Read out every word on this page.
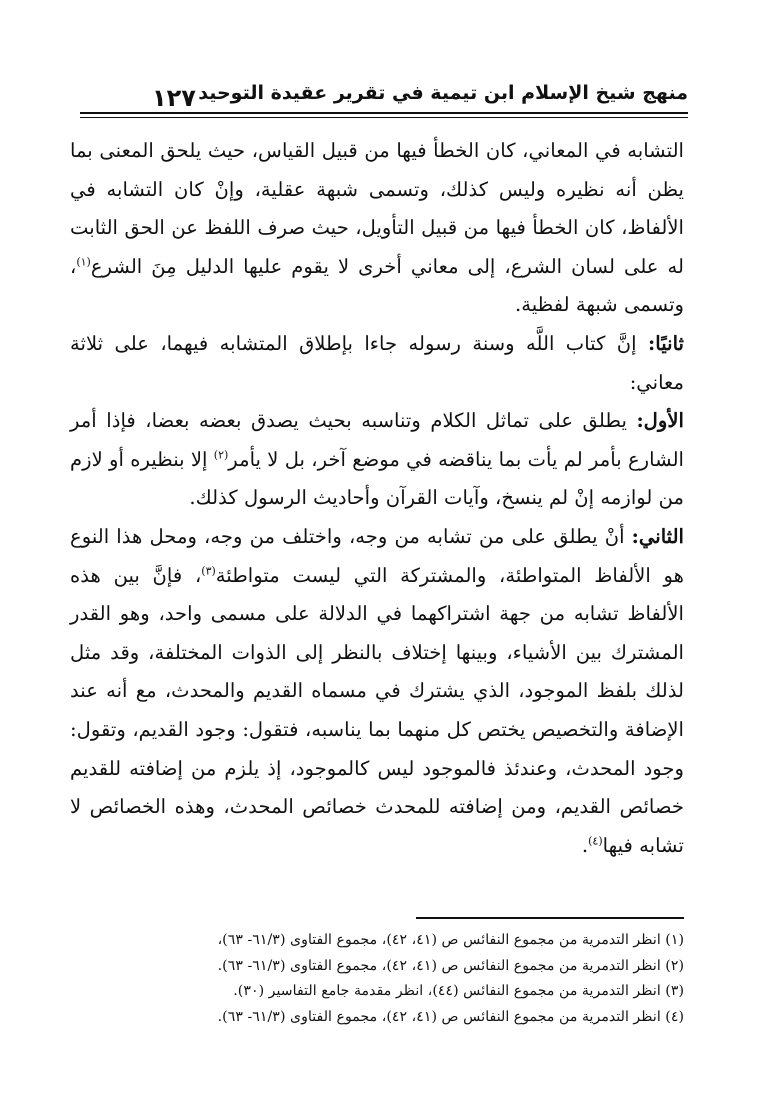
منهج شيخ الإسلام ابن تيمية في تقرير عقيدة التوحيد
١٢٧

التشابه في المعاني، كان الخطأ فيها من قبيل القياس، حيث يلحق المعنى بما يظن أنه نظيره وليس كذلك، وتسمى شبهة عقلية، وإنْ كان التشابه في الألفاظ، كان الخطأ فيها من قبيل التأويل، حيث صرف اللفظ عن الحق الثابت له على لسان الشرع، إلى معاني أخرى لا يقوم عليها الدليل مِنَ الشرع$^{(١)}$، وتسمى شبهة لفظية.

ثانيًا: إنَّ كتاب اللَّه وسنة رسوله جاءا بإطلاق المتشابه فيهما، على ثلاثة معاني:

الأول: يطلق على تماثل الكلام وتناسبه بحيث يصدق بعضه بعضا، فإذا أمر الشارع بأمر لم يأت بما يناقضه في موضع آخر، بل لا يأمر$^{(٢)}$ إلا بنظيره أو لازم من لوازمه إنْ لم ينسخ، وآيات القرآن وأحاديث الرسول كذلك.

الثاني: أنْ يطلق على من تشابه من وجه، واختلف من وجه، ومحل هذا النوع هو الألفاظ المتواطئة، والمشتركة التي ليست متواطئة$^{(٣)}$، فإنَّ بين هذه الألفاظ تشابه من جهة اشتراكهما في الدلالة على مسمى واحد، وهو القدر المشترك بين الأشياء، وبينها إختلاف بالنظر إلى الذوات المختلفة، وقد مثل لذلك بلفظ الموجود، الذي يشترك في مسماه القديم والمحدث، مع أنه عند الإضافة والتخصيص يختص كل منهما بما يناسبه، فتقول: وجود القديم، وتقول: وجود المحدث، وعندئذ فالموجود ليس كالموجود، إذ يلزم من إضافته للقديم خصائص القديم، ومن إضافته للمحدث خصائص المحدث، وهذه الخصائص لا تشابه فيها$^{(٤)}$.

(١) انظر التدمرية من مجموع النفائس ص (٤١، ٤٢)، مجموع الفتاوى (٦١/٣- ٦٣)،

(٢) انظر التدمرية من مجموع النفائس ص (٤١، ٤٢)، مجموع الفتاوى (٦١/٣- ٦٣).

(٣) انظر التدمرية من مجموع النفائس (٤٤)، انظر مقدمة جامع التفاسير (٣٠).

(٤) انظر التدمرية من مجموع النفائس ص (٤١، ٤٢)، مجموع الفتاوى (٦١/٣- ٦٣).
